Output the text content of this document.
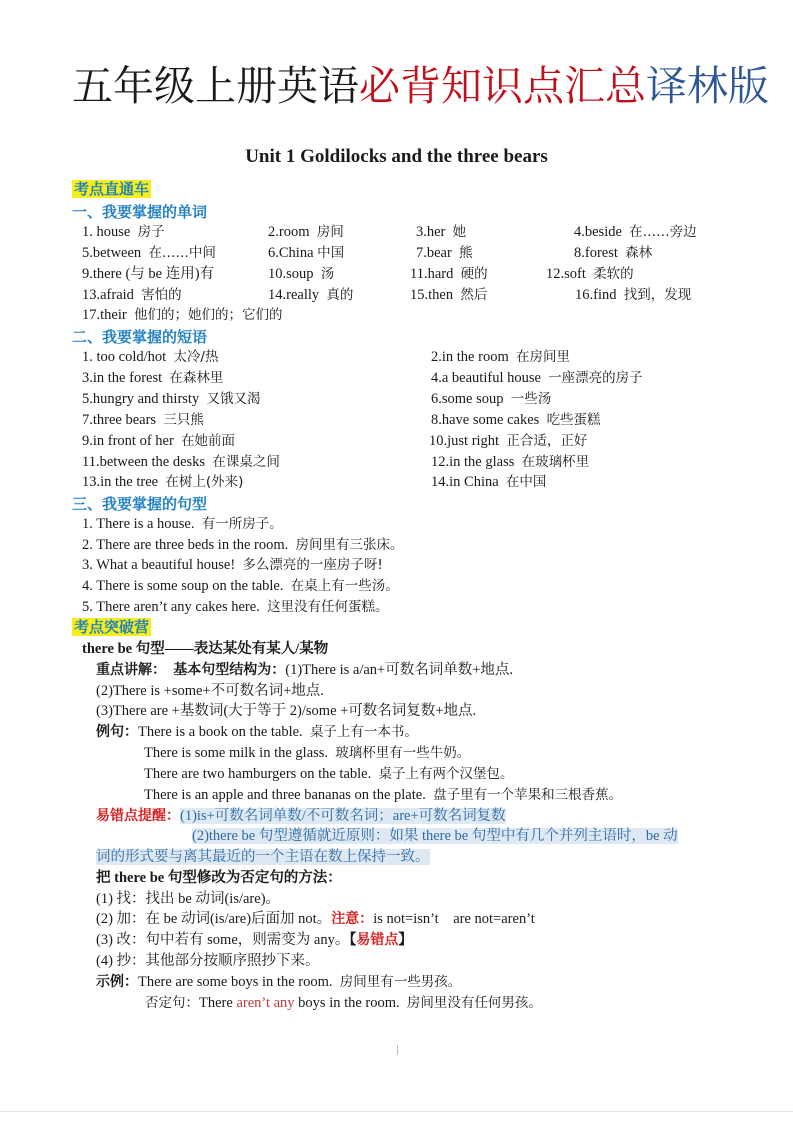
五年级上册英语必背知识点汇总译林版
Unit 1 Goldilocks and the three bears
考点直通车
一、我要掌握的单词
1. house 房子	2.room 房间	3.her 她	4.beside 在……旁边
5.between 在……中间	6.China 中国	7.bear 熊	8.forest 森林
9.there (与 be 连用)有	10.soup 汤	11.hard 硬的	12.soft 柔软的
13.afraid 害怕的	14.really 真的	15.then 然后	16.find 找到，发现
17.their 他们的；她们的；它们的
二、我要掌握的短语
1. too cold/hot 太冷/热	2.in the room 在房间里
3.in the forest 在森林里	4.a beautiful house 一座漂亮的房子
5.hungry and thirsty 又饿又渴	6.some soup 一些汤
7.three bears 三只熊	8.have some cakes 吃些蛋糕
9.in front of her 在她前面	10.just right 正合适，正好
11.between the desks 在课桌之间	12.in the glass 在玻璃杯里
13.in the tree 在树上(外来)	14.in China 在中国
三、我要掌握的句型
1. There is a house. 有一所房子。
2. There are three beds in the room. 房间里有三张床。
3. What a beautiful house! 多么漂亮的一座房子呀!
4. There is some soup on the table. 在桌上有一些汤。
5. There aren’t any cakes here. 这里没有任何蛋糕。
考点突破营
there be 句型——表达某处有某人/某物
重点讲解： 基本句型结构为：(1)There is a/an+可数名词单数+地点.
(2)There is +some+不可数名词+地点.
(3)There are +基数词(大于等于 2)/some +可数名词复数+地点.
例句：There is a book on the table. 桌子上有一本书。
There is some milk in the glass. 玻璃杯里有一些牛奶。
There are two hamburgers on the table. 桌子上有两个汉堡包。
There is an apple and three bananas on the plate. 盘子里有一个苹果和三根香蕉。
易错点提醒：(1)is+可数名词单数/不可数名词；are+可数名词复数
(2)there be 句型遵循就近原则：如果 there be 句型中有几个并列主语时，be 动
词的形式要与离其最近的一个主语在数上保持一致。
把 there be 句型修改为否定句的方法：
(1) 找：找出 be 动词(is/are)。
(2) 加：在 be 动词(is/are)后面加 not。注意：is not=isn’t    are not=aren’t
(3) 改：句中若有 some，则需变为 any。【易错点】
(4) 抄：其他部分按顺序照抄下来。
示例：There are some boys in the room. 房间里有一些男孩。
否定句：There aren’t any boys in the room. 房间里没有任何男孩。
